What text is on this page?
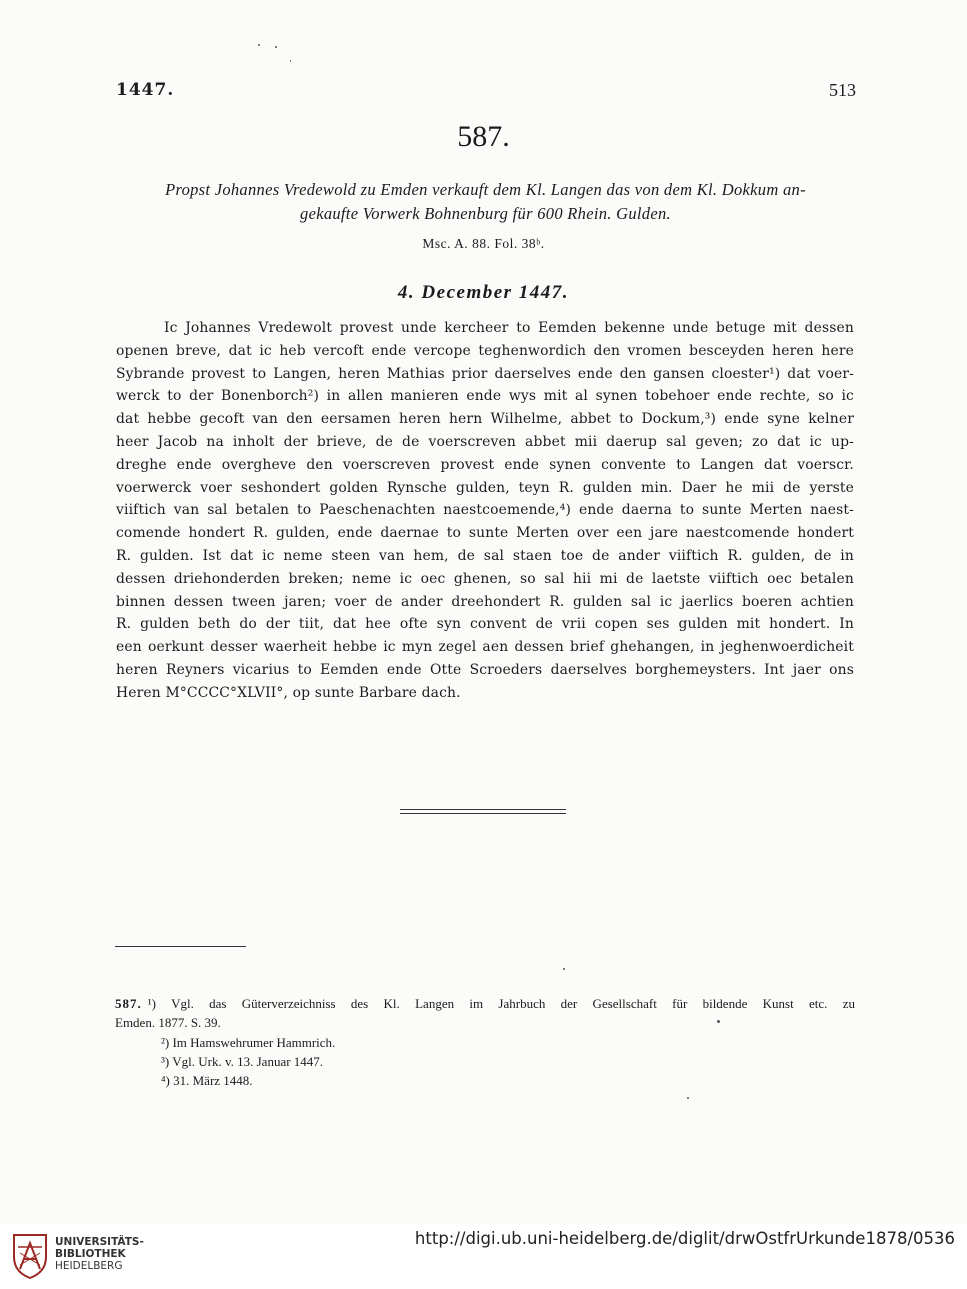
1447.	513
587.
Propst Johannes Vredewold zu Emden verkauft dem Kl. Langen das von dem Kl. Dokkum an-
gekaufte Vorwerk Bohnenburg für 600 Rhein. Gulden.
Msc. A. 88. Fol. 38ᵇ.
4. December 1447.
Ic Johannes Vredewolt provest unde kercheer to Eemden bekenne unde betuge mit dessen
openen breve, dat ic heb vercoft ende vercope teghenwordich den vromen besceyden heren here
Sybrande provest to Langen, heren Mathias prior daerselves ende den gansen cloester¹) dat voer-
werck to der Bonenborch²) in allen manieren ende wys mit al synen tobehoer ende rechte, so ic
dat hebbe gecoft van den eersamen heren hern Wilhelme, abbet to Dockum,³) ende syne kelner
heer Jacob na inholt der brieve, de de voerscreven abbet mii daerup sal geven; zo dat ic up-
dreghe ende overgheve den voerscreven provest ende synen convente to Langen dat voerscr.
voerwerck voer seshondert golden Rynsche gulden, teyn R. gulden min. Daer he mii de yerste
viiftich van sal betalen to Paeschenachten naestcoemende,⁴) ende daerna to sunte Merten naest-
comende hondert R. gulden, ende daernae to sunte Merten over een jare naestcomende hondert
R. gulden. Ist dat ic neme steen van hem, de sal staen toe de ander viiftich R. gulden, de in
dessen driehonderden breken; neme ic oec ghenen, so sal hii mi de laetste viiftich oec betalen
binnen dessen tween jaren; voer de ander dreehondert R. gulden sal ic jaerlics boeren achtien
R. gulden beth do der tiit, dat hee ofte syn convent de vrii copen ses gulden mit hondert. In
een oerkunt desser waerheit hebbe ic myn zegel aen dessen brief ghehangen, in jeghenwoerdicheit
heren Reyners vicarius to Eemden ende Otte Scroeders daerselves borghemeysters. Int jaer ons
Heren M°CCCC°XLVII°, op sunte Barbare dach.
587. ¹) Vgl. das Güterverzeichniss des Kl. Langen im Jahrbuch der Gesellschaft für bildende Kunst etc. zu
Emden. 1877. S. 39.
²) Im Hamswehrumer Hammrich.
³) Vgl. Urk. v. 13. Januar 1447.
⁴) 31. März 1448.
UNIVERSITÄTS-
BIBLIOTHEK
HEIDELBERG
http://digi.ub.uni-heidelberg.de/diglit/drwOstfrUrkunde1878/0536
